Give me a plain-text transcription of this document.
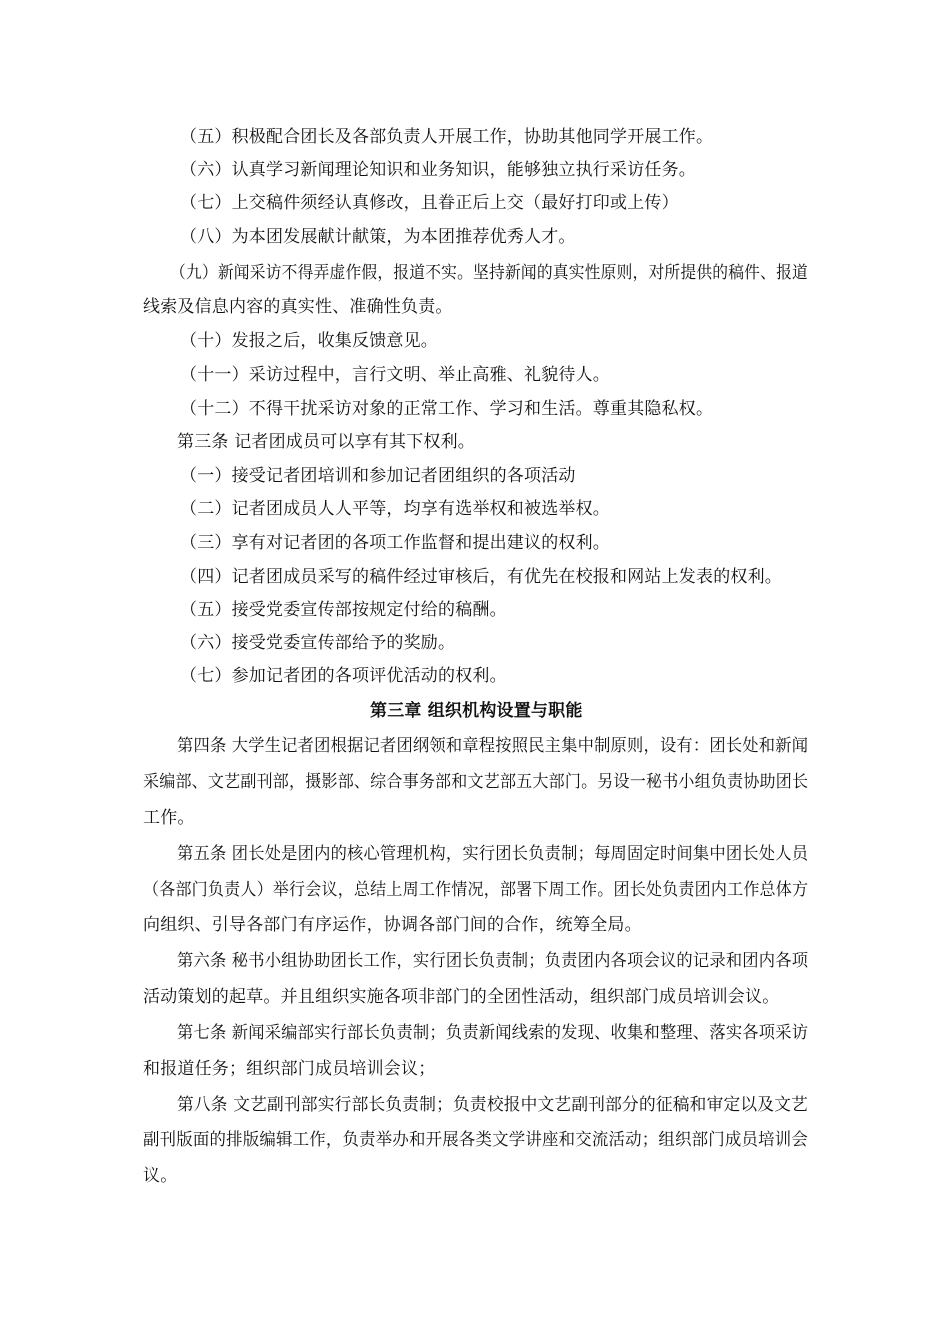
（五）积极配合团长及各部负责人开展工作，协助其他同学开展工作。
（六）认真学习新闻理论知识和业务知识，能够独立执行采访任务。
（七）上交稿件须经认真修改，且眷正后上交（最好打印或上传）
（八）为本团发展献计献策，为本团推荐优秀人才。
（九）新闻采访不得弄虚作假，报道不实。坚持新闻的真实性原则，对所提供的稿件、报道
线索及信息内容的真实性、准确性负责。
（十）发报之后，收集反馈意见。
（十一）采访过程中，言行文明、举止高雅、礼貌待人。
（十二）不得干扰采访对象的正常工作、学习和生活。尊重其隐私权。
第三条 记者团成员可以享有其下权利。
（一）接受记者团培训和参加记者团组织的各项活动
（二）记者团成员人人平等，均享有选举权和被选举权。
（三）享有对记者团的各项工作监督和提出建议的权利。
（四）记者团成员采写的稿件经过审核后，有优先在校报和网站上发表的权利。
（五）接受党委宣传部按规定付给的稿酬。
（六）接受党委宣传部给予的奖励。
（七）参加记者团的各项评优活动的权利。
第三章 组织机构设置与职能
第四条 大学生记者团根据记者团纲领和章程按照民主集中制原则，设有：团长处和新闻
采编部、文艺副刊部，摄影部、综合事务部和文艺部五大部门。另设一秘书小组负责协助团长
工作。
第五条 团长处是团内的核心管理机构，实行团长负责制；每周固定时间集中团长处人员
（各部门负责人）举行会议，总结上周工作情况，部署下周工作。团长处负责团内工作总体方
向组织、引导各部门有序运作，协调各部门间的合作，统筹全局。
第六条 秘书小组协助团长工作，实行团长负责制；负责团内各项会议的记录和团内各项
活动策划的起草。并且组织实施各项非部门的全团性活动，组织部门成员培训会议。
第七条 新闻采编部实行部长负责制；负责新闻线索的发现、收集和整理、落实各项采访
和报道任务；组织部门成员培训会议；
第八条 文艺副刊部实行部长负责制；负责校报中文艺副刊部分的征稿和审定以及文艺
副刊版面的排版编辑工作，负责举办和开展各类文学讲座和交流活动；组织部门成员培训会
议。
